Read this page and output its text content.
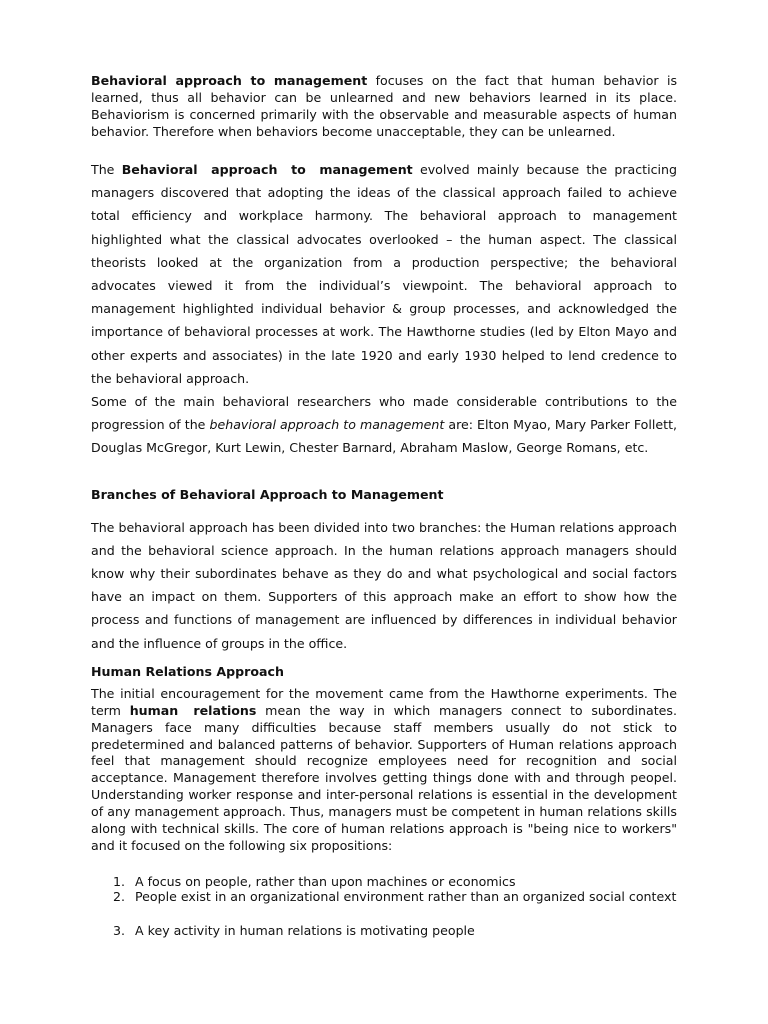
Behavioral approach to management focuses on the fact that human behavior is learned, thus all behavior can be unlearned and new behaviors learned in its place. Behaviorism is concerned primarily with the observable and measurable aspects of human behavior. Therefore when behaviors become unacceptable, they can be unlearned.

The Behavioral approach to management evolved mainly because the practicing managers discovered that adopting the ideas of the classical approach failed to achieve total efficiency and workplace harmony. The behavioral approach to management highlighted what the classical advocates overlooked – the human aspect. The classical theorists looked at the organization from a production perspective; the behavioral advocates viewed it from the individual’s viewpoint. The behavioral approach to management highlighted individual behavior & group processes, and acknowledged the importance of behavioral processes at work. The Hawthorne studies (led by Elton Mayo and other experts and associates) in the late 1920 and early 1930 helped to lend credence to the behavioral approach.

Some of the main behavioral researchers who made considerable contributions to the progression of the behavioral approach to management are: Elton Myao, Mary Parker Follett, Douglas McGregor, Kurt Lewin, Chester Barnard, Abraham Maslow, George Romans, etc.

Branches of Behavioral Approach to Management

The behavioral approach has been divided into two branches: the Human relations approach and the behavioral science approach. In the human relations approach managers should know why their subordinates behave as they do and what psychological and social factors have an impact on them. Supporters of this approach make an effort to show how the process and functions of management are influenced by differences in individual behavior and the influence of groups in the office.

Human Relations Approach

The initial encouragement for the movement came from the Hawthorne experiments. The term human relations mean the way in which managers connect to subordinates. Managers face many difficulties because staff members usually do not stick to predetermined and balanced patterns of behavior. Supporters of Human relations approach feel that management should recognize employees need for recognition and social acceptance. Management therefore involves getting things done with and through peopel. Understanding worker response and inter-personal relations is essential in the development of any management approach. Thus, managers must be competent in human relations skills along with technical skills. The core of human relations approach is "being nice to workers" and it focused on the following six propositions:

1. A focus on people, rather than upon machines or economics
2. People exist in an organizational environment rather than an organized social context
3. A key activity in human relations is motivating people
